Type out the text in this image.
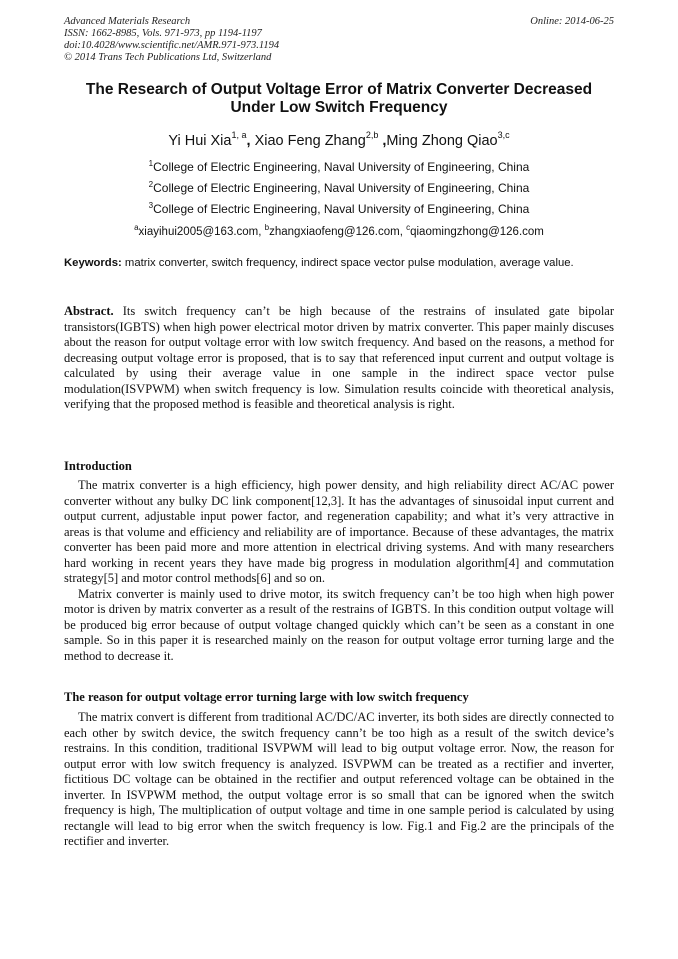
Advanced Materials Research
ISSN: 1662-8985, Vols. 971-973, pp 1194-1197
doi:10.4028/www.scientific.net/AMR.971-973.1194
© 2014 Trans Tech Publications Ltd, Switzerland
Online: 2014-06-25
The Research of Output Voltage Error of Matrix Converter Decreased Under Low Switch Frequency
Yi Hui Xia$^{1, a}$, Xiao Feng Zhang$^{2,b}$ ,Ming Zhong Qiao$^{3,c}$
$^1$College of Electric Engineering, Naval University of Engineering, China
$^2$College of Electric Engineering, Naval University of Engineering, China
$^3$College of Electric Engineering, Naval University of Engineering, China
$^a$xiayihui2005@163.com, $^b$zhangxiaofeng@126.com, $^c$qiaomingzhong@126.com

Keywords: matrix converter, switch frequency, indirect space vector pulse modulation, average value.

Abstract. Its switch frequency can’t be high because of the restrains of insulated gate bipolar transistors(IGBTS) when high power electrical motor driven by matrix converter. This paper mainly discuses about the reason for output voltage error with low switch frequency. And based on the reasons, a method for decreasing output voltage error is proposed, that is to say that referenced input current and output voltage is calculated by using their average value in one sample in the indirect space vector pulse modulation(ISVPWM) when switch frequency is low. Simulation results coincide with theoretical analysis, verifying that the proposed method is feasible and theoretical analysis is right.

Introduction

The matrix converter is a high efficiency, high power density, and high reliability direct AC/AC power converter without any bulky DC link component[12,3]. It has the advantages of sinusoidal input current and output current, adjustable input power factor, and regeneration capability; and what it’s very attractive in areas is that volume and efficiency and reliability are of importance. Because of these advantages, the matrix converter has been paid more and more attention in electrical driving systems. And with many researchers hard working in recent years they have made big progress in modulation algorithm[4] and commutation strategy[5] and motor control methods[6] and so on.

Matrix converter is mainly used to drive motor, its switch frequency can’t be too high when high power motor is driven by matrix converter as a result of the restrains of IGBTS. In this condition output voltage will be produced big error because of output voltage changed quickly which can’t be seen as a constant in one sample. So in this paper it is researched mainly on the reason for output voltage error turning large and the method to decrease it.

The reason for output voltage error turning large with low switch frequency

The matrix convert is different from traditional AC/DC/AC inverter, its both sides are directly connected to each other by switch device, the switch frequency cann’t be too high as a result of the switch device’s restrains. In this condition, traditional ISVPWM will lead to big output voltage error. Now, the reason for output error with low switch frequency is analyzed. ISVPWM can be treated as a rectifier and inverter, fictitious DC voltage can be obtained in the rectifier and output referenced voltage can be obtained in the inverter. In ISVPWM method, the output voltage error is so small that can be ignored when the switch frequency is high, The multiplication of output voltage and time in one sample period is calculated by using rectangle will lead to big error when the switch frequency is low. Fig.1 and Fig.2 are the principals of the rectifier and inverter.
